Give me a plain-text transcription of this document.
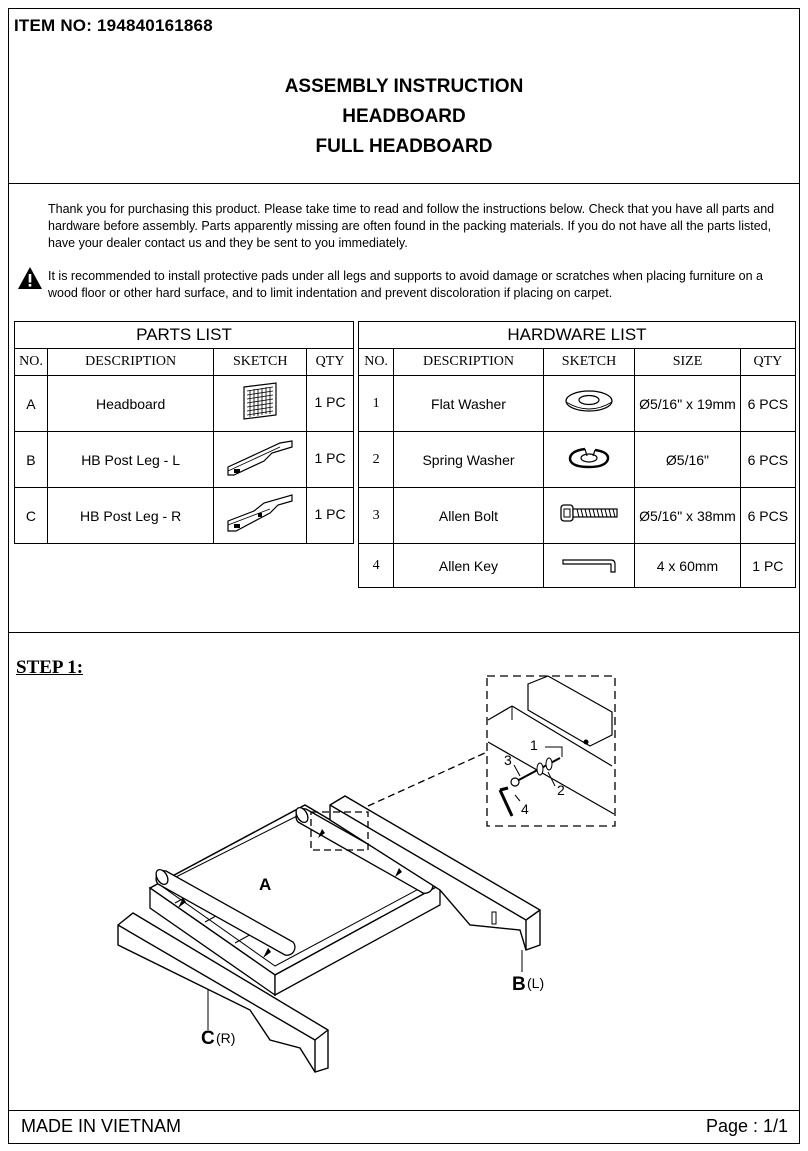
ITEM NO: 194840161868
ASSEMBLY INSTRUCTION
HEADBOARD
FULL HEADBOARD
Thank you for purchasing this product. Please take time to read and follow the instructions below. Check that you have all parts and hardware before assembly. Parts apparently missing are often found in the packing materials. If you do not have all the parts listed, have your dealer contact us and they be sent to you immediately.
It is recommended to install protective pads under all legs and supports to avoid damage or scratches when placing furniture on a wood floor or other hard surface, and to limit indentation and prevent discoloration if placing on carpet.
PARTS LIST			
NO.	DESCRIPTION	SKETCH	QTY
A	Headboard		1 PC
B	HB Post Leg - L		1 PC
C	HB Post Leg - R		1 PC
HARDWARE LIST				
NO.	DESCRIPTION	SKETCH	SIZE	QTY
1	Flat Washer		Ø5/16" x 19mm	6 PCS
2	Spring Washer		Ø5/16"	6 PCS
3	Allen Bolt		Ø5/16" x 38mm	6 PCS
4	Allen Key		4 x 60mm	1 PC
STEP 1:
A
B (L)
C (R)
1
2
3
4
MADE IN VIETNAM	Page : 1/1
